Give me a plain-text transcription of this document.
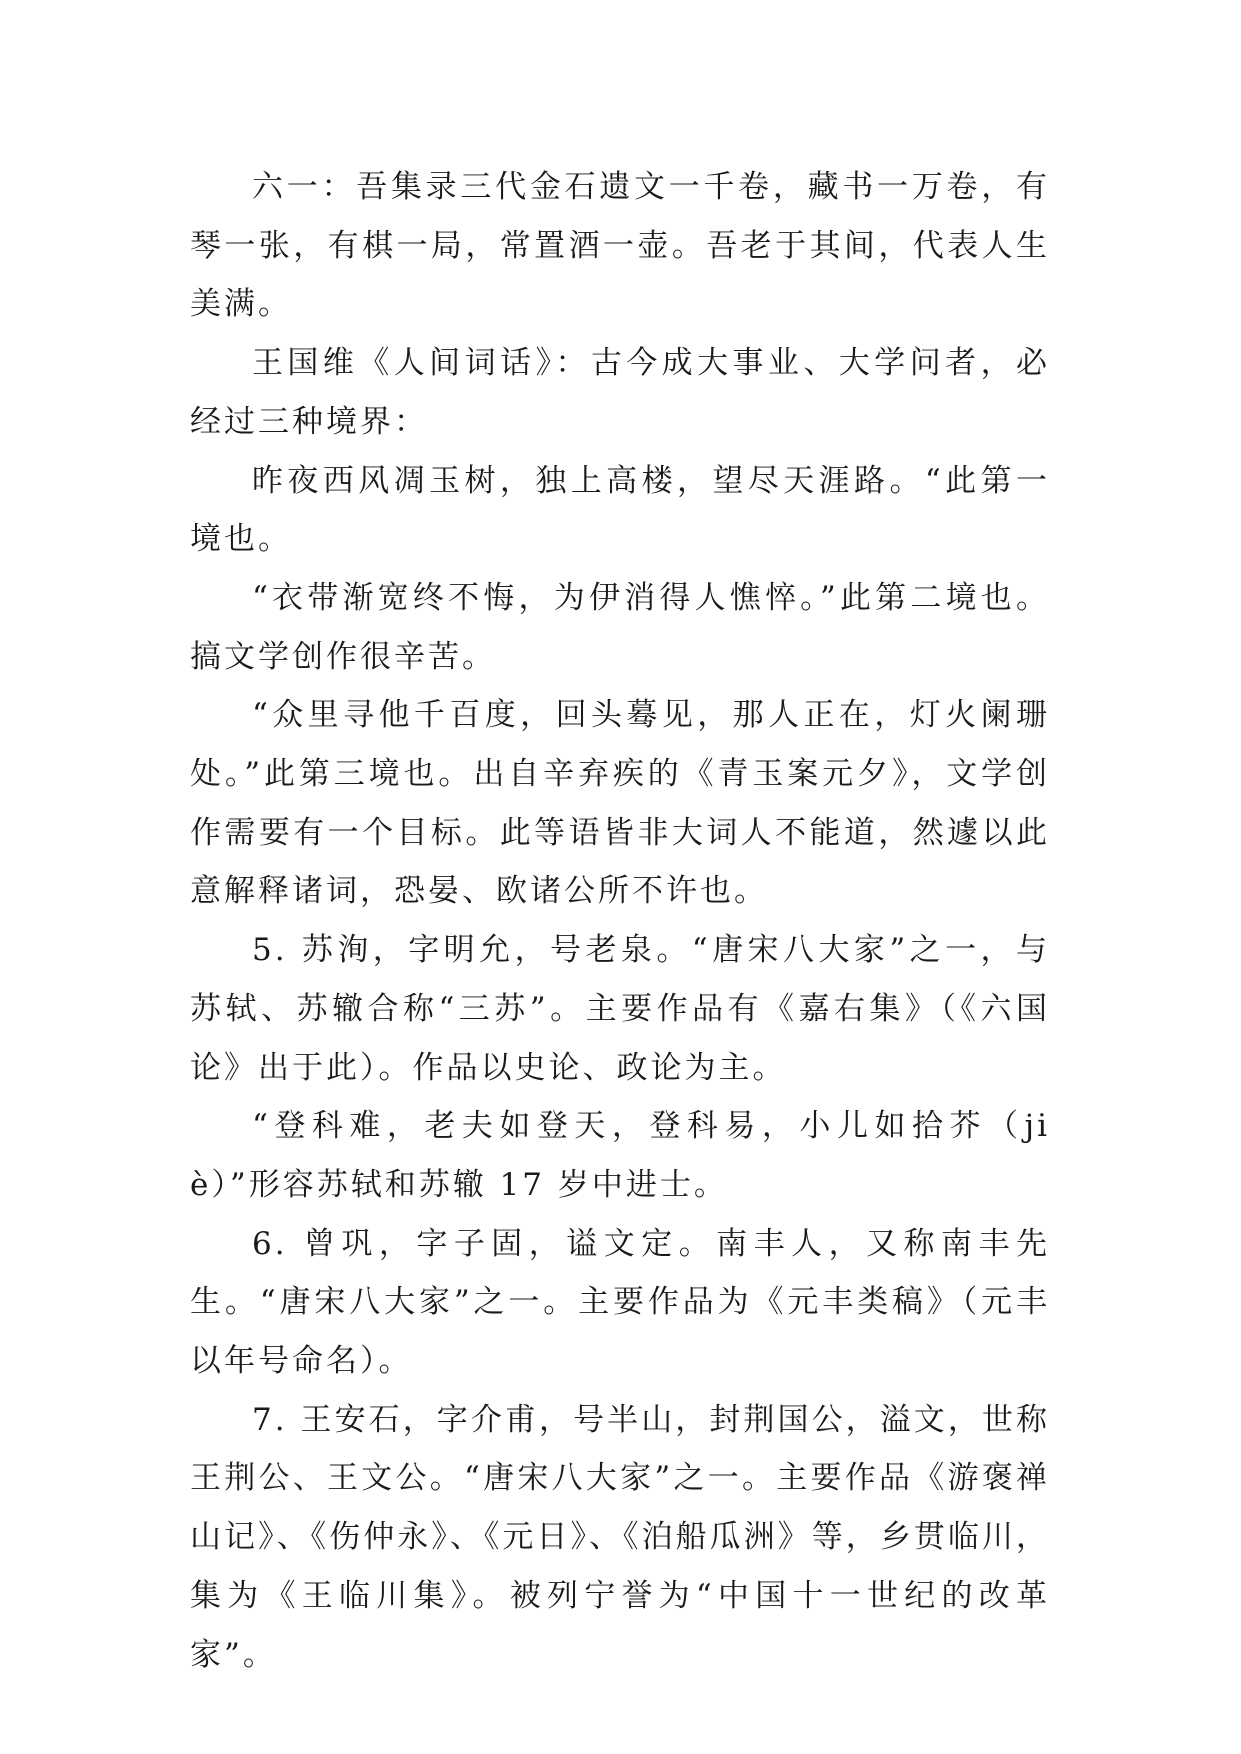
六一：吾集录三代金石遗文一千卷，藏书一万卷，有琴一张，有棋一局，常置酒一壶。吾老于其间，代表人生美满。

王国维《人间词话》：古今成大事业、大学问者，必经过三种境界：

昨夜西风凋玉树，独上高楼，望尽天涯路。“此第一境也。

“衣带渐宽终不悔，为伊消得人憔悴。”此第二境也。搞文学创作很辛苦。

“众里寻他千百度，回头蓦见，那人正在，灯火阑珊处。”此第三境也。出自辛弃疾的《青玉案元夕》，文学创作需要有一个目标。此等语皆非大词人不能道，然遽以此意解释诸词，恐晏、欧诸公所不许也。

5. 苏洵，字明允，号老泉。“唐宋八大家”之一，与苏轼、苏辙合称“三苏”。主要作品有《嘉右集》（《六国论》出于此）。作品以史论、政论为主。

“登科难，老夫如登天，登科易，小儿如拾芥（ji è）”形容苏轼和苏辙 17 岁中进士。

6. 曾巩，字子固，谥文定。南丰人，又称南丰先生。“唐宋八大家”之一。主要作品为《元丰类稿》（元丰以年号命名）。

7. 王安石，字介甫，号半山，封荆国公，溢文，世称王荆公、王文公。“唐宋八大家”之一。主要作品《游褒禅山记》、《伤仲永》、《元日》、《泊船瓜洲》等，乡贯临川，集为《王临川集》。被列宁誉为“中国十一世纪的改革家”。
